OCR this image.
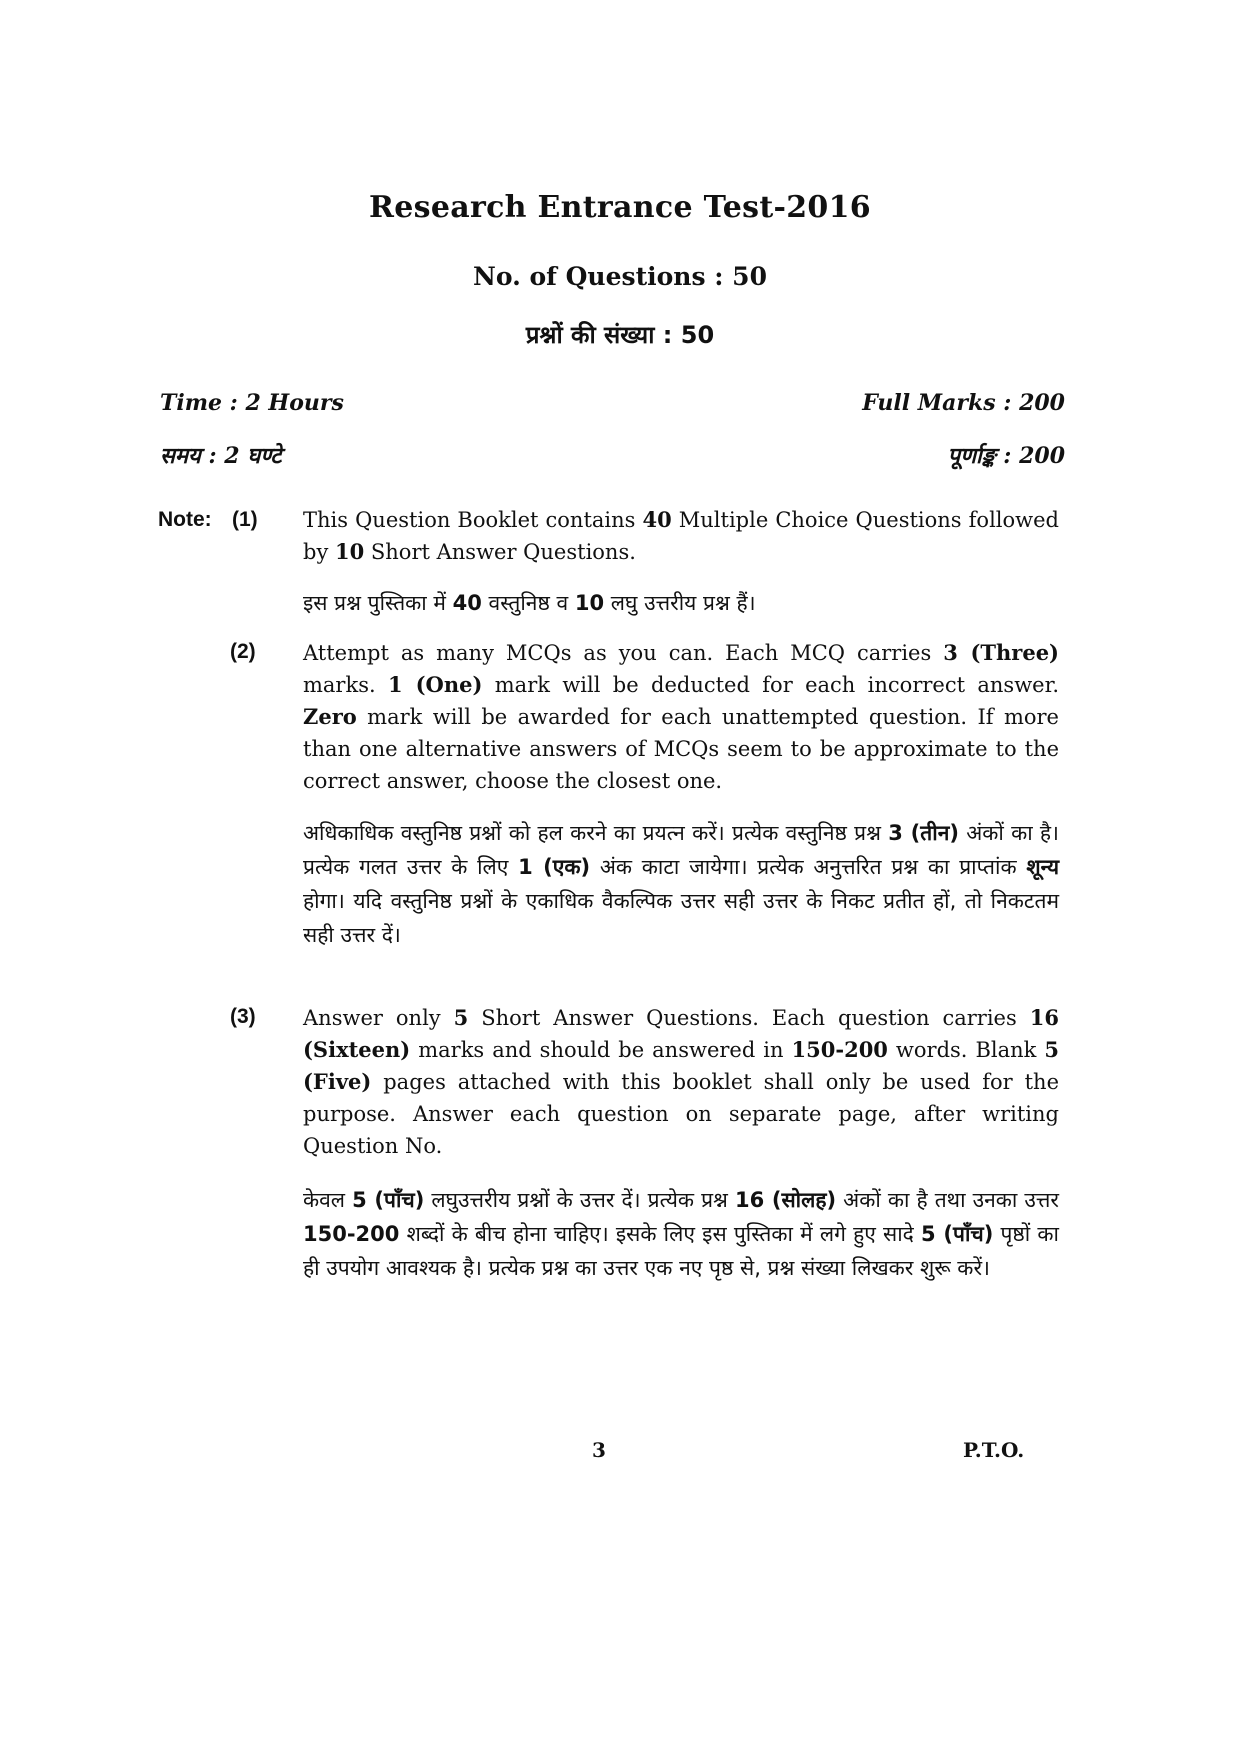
Research Entrance Test-2016
No. of Questions : 50
प्रश्नों की संख्या : 50
Time : 2 Hours	Full Marks : 200
समय : 2 घण्टे	पूर्णाङ्क : 200
Note: (1) This Question Booklet contains 40 Multiple Choice Questions followed by 10 Short Answer Questions.
इस प्रश्न पुस्तिका में 40 वस्तुनिष्ठ व 10 लघु उत्तरीय प्रश्न हैं।
(2) Attempt as many MCQs as you can. Each MCQ carries 3 (Three) marks. 1 (One) mark will be deducted for each incorrect answer. Zero mark will be awarded for each unattempted question. If more than one alternative answers of MCQs seem to be approximate to the correct answer, choose the closest one.
अधिकाधिक वस्तुनिष्ठ प्रश्नों को हल करने का प्रयत्न करें। प्रत्येक वस्तुनिष्ठ प्रश्न 3 (तीन) अंकों का है। प्रत्येक गलत उत्तर के लिए 1 (एक) अंक काटा जायेगा। प्रत्येक अनुत्तरित प्रश्न का प्राप्तांक शून्य होगा। यदि वस्तुनिष्ठ प्रश्नों के एकाधिक वैकल्पिक उत्तर सही उत्तर के निकट प्रतीत हों, तो निकटतम सही उत्तर दें।
(3) Answer only 5 Short Answer Questions. Each question carries 16 (Sixteen) marks and should be answered in 150-200 words. Blank 5 (Five) pages attached with this booklet shall only be used for the purpose. Answer each question on separate page, after writing Question No.
केवल 5 (पाँच) लघुउत्तरीय प्रश्नों के उत्तर दें। प्रत्येक प्रश्न 16 (सोलह) अंकों का है तथा उनका उत्तर 150-200 शब्दों के बीच होना चाहिए। इसके लिए इस पुस्तिका में लगे हुए सादे 5 (पाँच) पृष्ठों का ही उपयोग आवश्यक है। प्रत्येक प्रश्न का उत्तर एक नए पृष्ठ से, प्रश्न संख्या लिखकर शुरू करें।
3	P.T.O.
